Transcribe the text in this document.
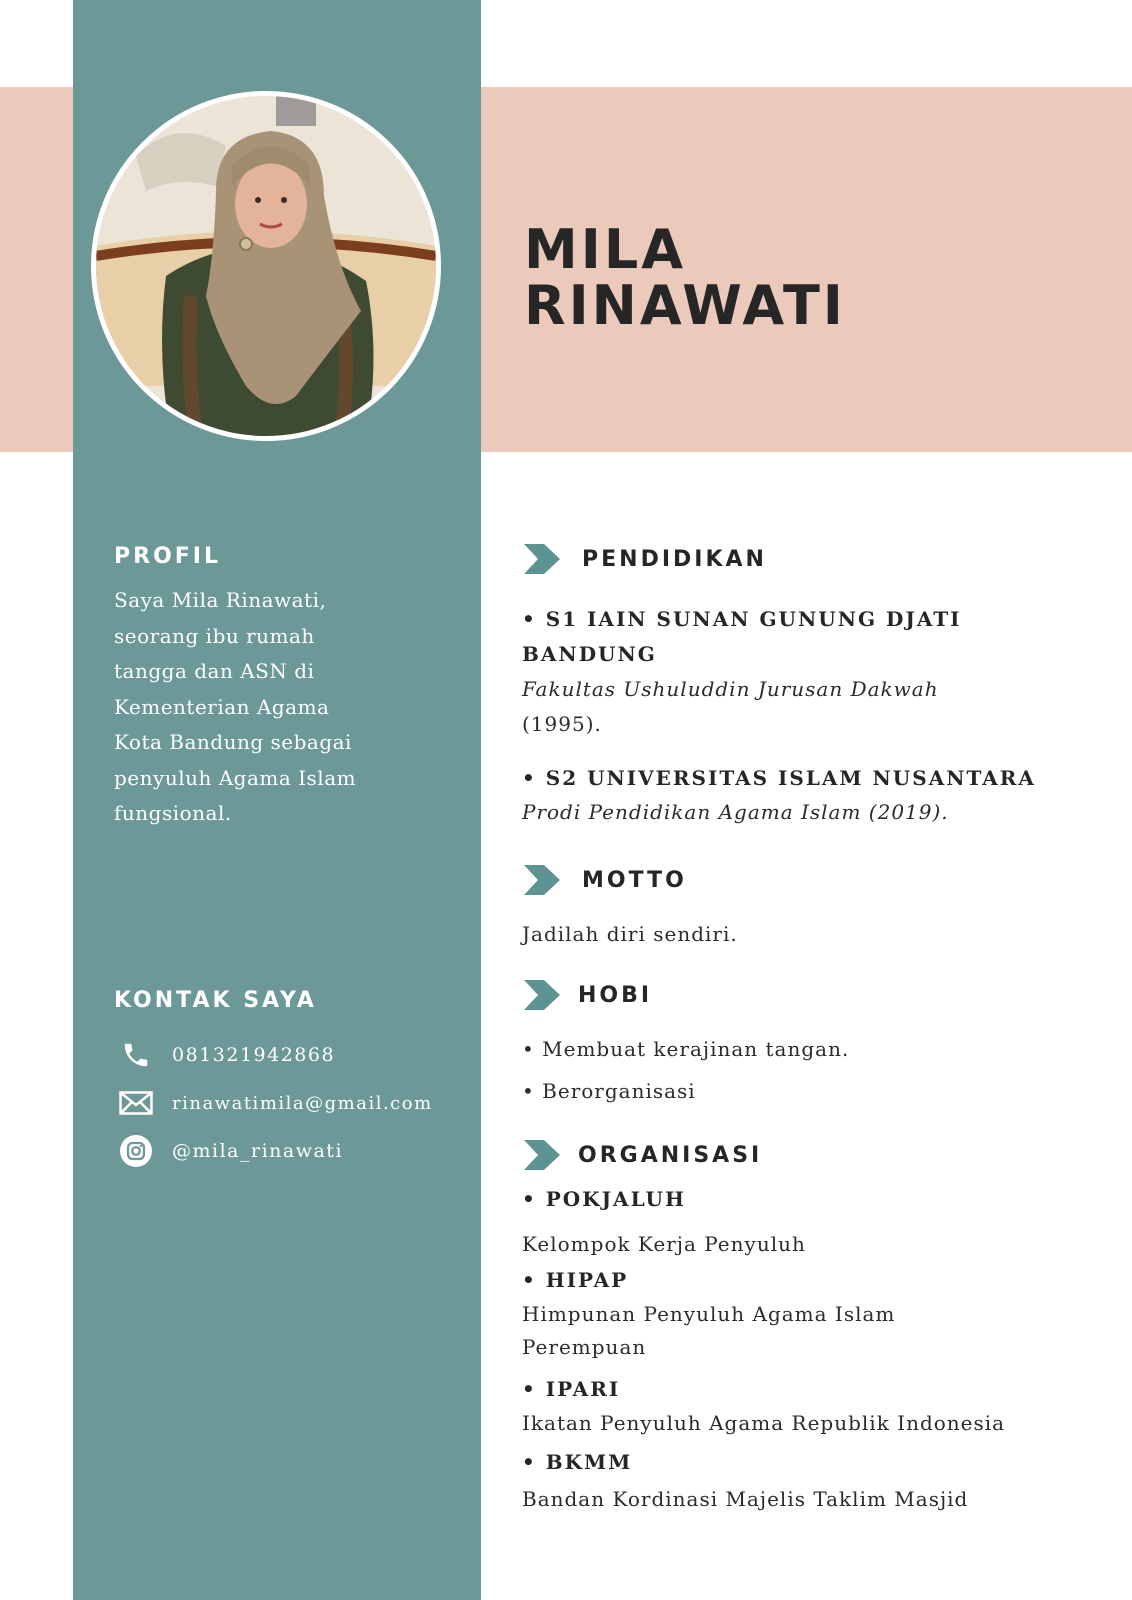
MILA
RINAWATI
PROFIL
Saya Mila Rinawati,
seorang ibu rumah
tangga dan ASN di
Kementerian Agama
Kota Bandung sebagai
penyuluh Agama Islam
fungsional.
KONTAK SAYA
081321942868
rinawatimila@gmail.com
@mila_rinawati
PENDIDIKAN

• S1 IAIN SUNAN GUNUNG DJATI

BANDUNG

Fakultas Ushuluddin Jurusan Dakwah

(1995).

• S2 UNIVERSITAS ISLAM NUSANTARA

Prodi Pendidikan Agama Islam (2019).

MOTTO

Jadilah diri sendiri.

HOBI

• Membuat kerajinan tangan.

• Berorganisasi

ORGANISASI

• POKJALUH

Kelompok Kerja Penyuluh

• HIPAP

Himpunan Penyuluh Agama Islam

Perempuan

• IPARI

Ikatan Penyuluh Agama Republik Indonesia

• BKMM

Bandan Kordinasi Majelis Taklim Masjid
